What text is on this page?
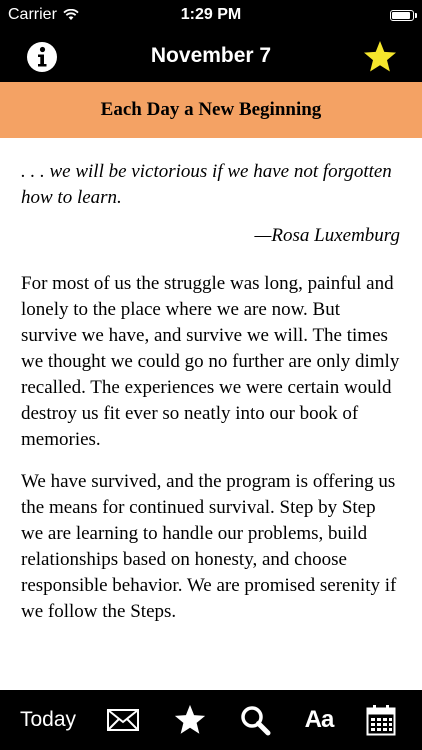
Carrier	1:29 PM
November 7
Each Day a New Beginning

. . . we will be victorious if we have not forgotten how to learn.

—Rosa Luxemburg

For most of us the struggle was long, painful and lonely to the place where we are now. But survive we have, and survive we will. The times we thought we could go no further are only dimly recalled. The experiences we were certain would destroy us fit ever so neatly into our book of memories.

We have survived, and the program is offering us the means for continued survival. Step by Step we are learning to handle our problems, build relationships based on honesty, and choose responsible behavior. We are promised serenity if we follow the Steps.

Today	Aa
